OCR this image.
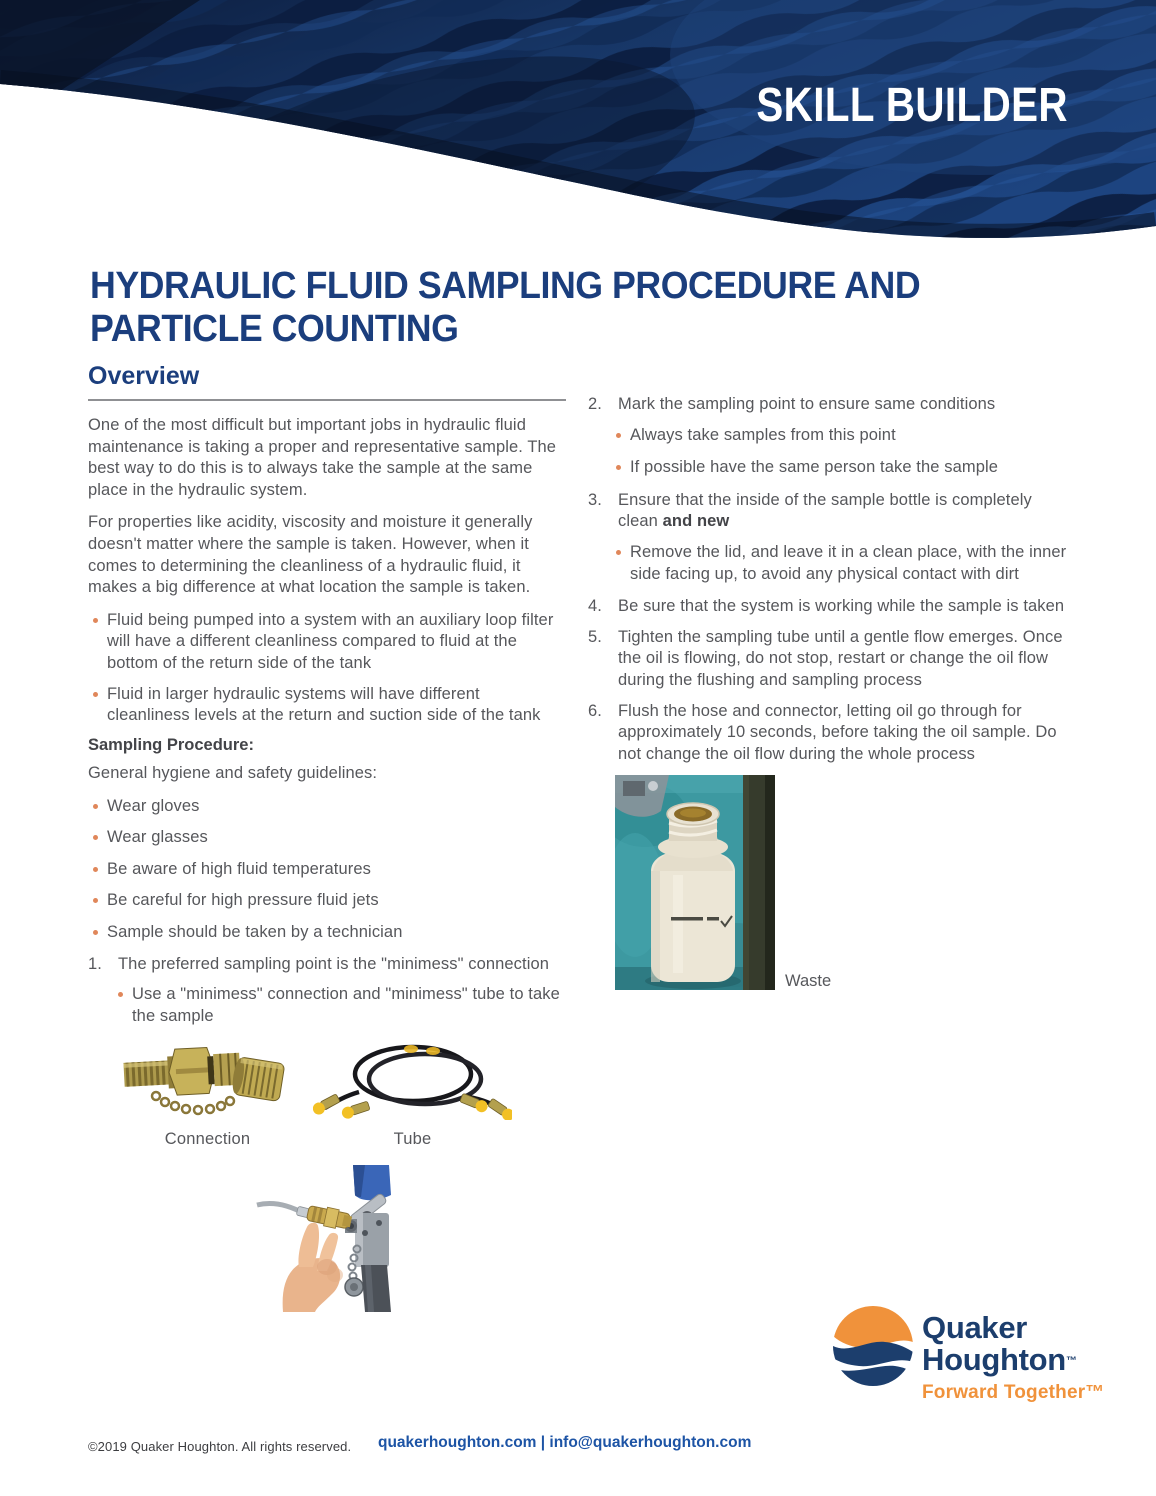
SKILL BUILDER
HYDRAULIC FLUID SAMPLING PROCEDURE AND PARTICLE COUNTING
Overview

One of the most difficult but important jobs in hydraulic fluid maintenance is taking a proper and representative sample. The best way to do this is to always take the sample at the same place in the hydraulic system.

For properties like acidity, viscosity and moisture it generally doesn't matter where the sample is taken. However, when it comes to determining the cleanliness of a hydraulic fluid, it makes a big difference at what location the sample is taken.

Fluid being pumped into a system with an auxiliary loop filter will have a different cleanliness compared to fluid at the bottom of the return side of the tank
Fluid in larger hydraulic systems will have different cleanliness levels at the return and suction side of the tank
Sampling Procedure:

General hygiene and safety guidelines:

Wear gloves
Wear glasses
Be aware of high fluid temperatures
Be careful for high pressure fluid jets
Sample should be taken by a technician
1. The preferred sampling point is the "minimess" connection
Use a "minimess" connection and "minimess" tube to take the sample
Connection	Tube
2. Mark the sampling point to ensure same conditions
Always take samples from this point
If possible have the same person take the sample
3. Ensure that the inside of the sample bottle is completely clean and new
Remove the lid, and leave it in a clean place, with the inner side facing up, to avoid any physical contact with dirt
4. Be sure that the system is working while the sample is taken
5. Tighten the sampling tube until a gentle flow emerges. Once the oil is flowing, do not stop, restart or change the oil flow during the flushing and sampling process
6. Flush the hose and connector, letting oil go through for approximately 10 seconds, before taking the oil sample. Do not change the oil flow during the whole process
Waste
Quaker
Houghton™
Forward Together™
©2019 Quaker Houghton. All rights reserved. quakerhoughton.com | info@quakerhoughton.com
